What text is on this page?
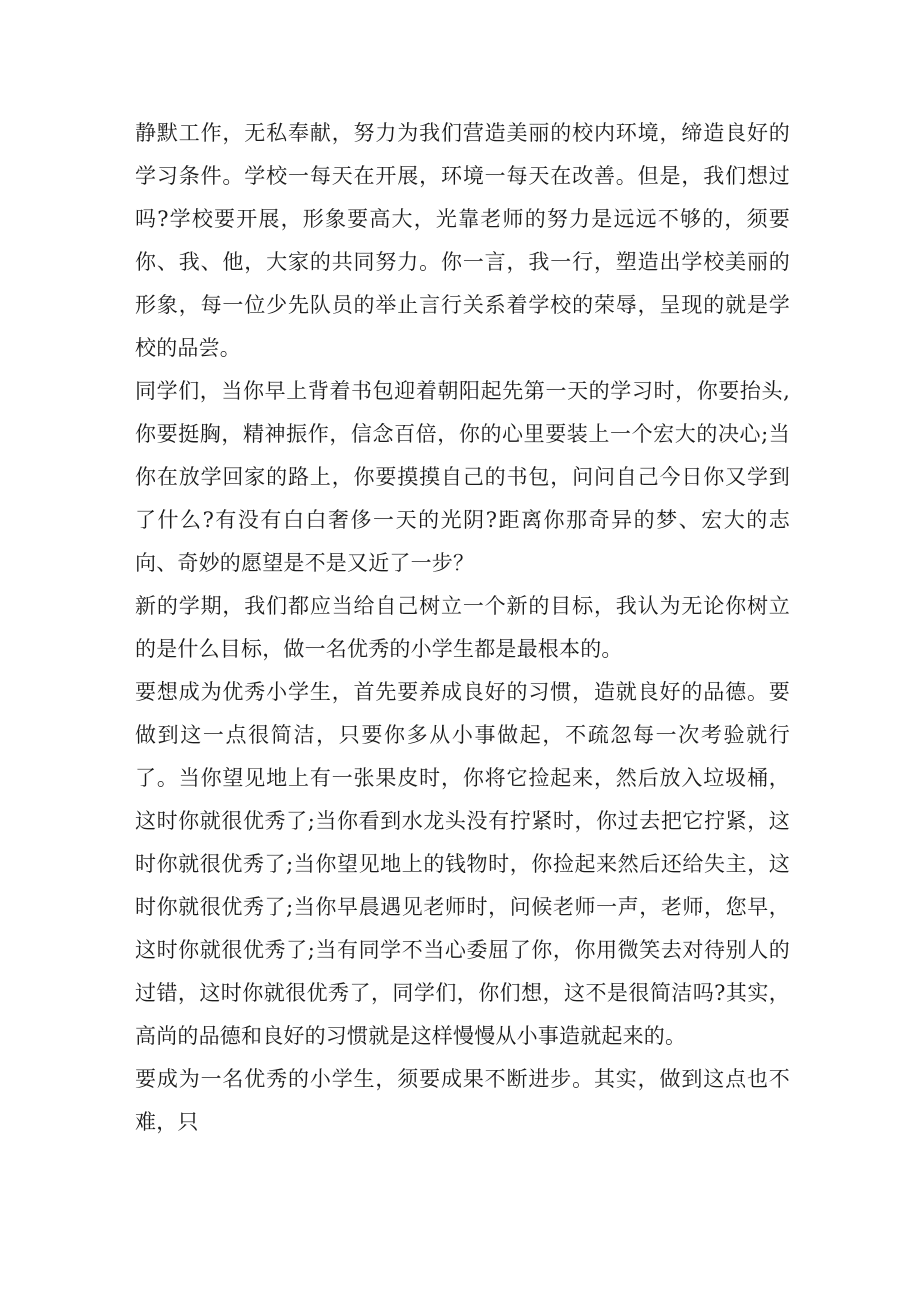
静默工作，无私奉献，努力为我们营造美丽的校内环境，缔造良好的学习条件。学校一每天在开展，环境一每天在改善。但是，我们想过吗?学校要开展，形象要高大，光靠老师的努力是远远不够的，须要你、我、他，大家的共同努力。你一言，我一行，塑造出学校美丽的形象，每一位少先队员的举止言行关系着学校的荣辱，呈现的就是学校的品尝。

同学们，当你早上背着书包迎着朝阳起先第一天的学习时，你要抬头,你要挺胸，精神振作，信念百倍，你的心里要装上一个宏大的决心;当你在放学回家的路上，你要摸摸自己的书包，问问自己今日你又学到了什么?有没有白白奢侈一天的光阴?距离你那奇异的梦、宏大的志向、奇妙的愿望是不是又近了一步？

新的学期，我们都应当给自己树立一个新的目标，我认为无论你树立的是什么目标，做一名优秀的小学生都是最根本的。

要想成为优秀小学生，首先要养成良好的习惯，造就良好的品德。要做到这一点很简洁，只要你多从小事做起，不疏忽每一次考验就行了。当你望见地上有一张果皮时，你将它捡起来，然后放入垃圾桶，这时你就很优秀了;当你看到水龙头没有拧紧时，你过去把它拧紧，这时你就很优秀了;当你望见地上的钱物时，你捡起来然后还给失主，这时你就很优秀了;当你早晨遇见老师时，问候老师一声，老师，您早，这时你就很优秀了;当有同学不当心委屈了你，你用微笑去对待别人的过错，这时你就很优秀了，同学们，你们想，这不是很简洁吗?其实，高尚的品德和良好的习惯就是这样慢慢从小事造就起来的。

要成为一名优秀的小学生，须要成果不断进步。其实，做到这点也不难，只
